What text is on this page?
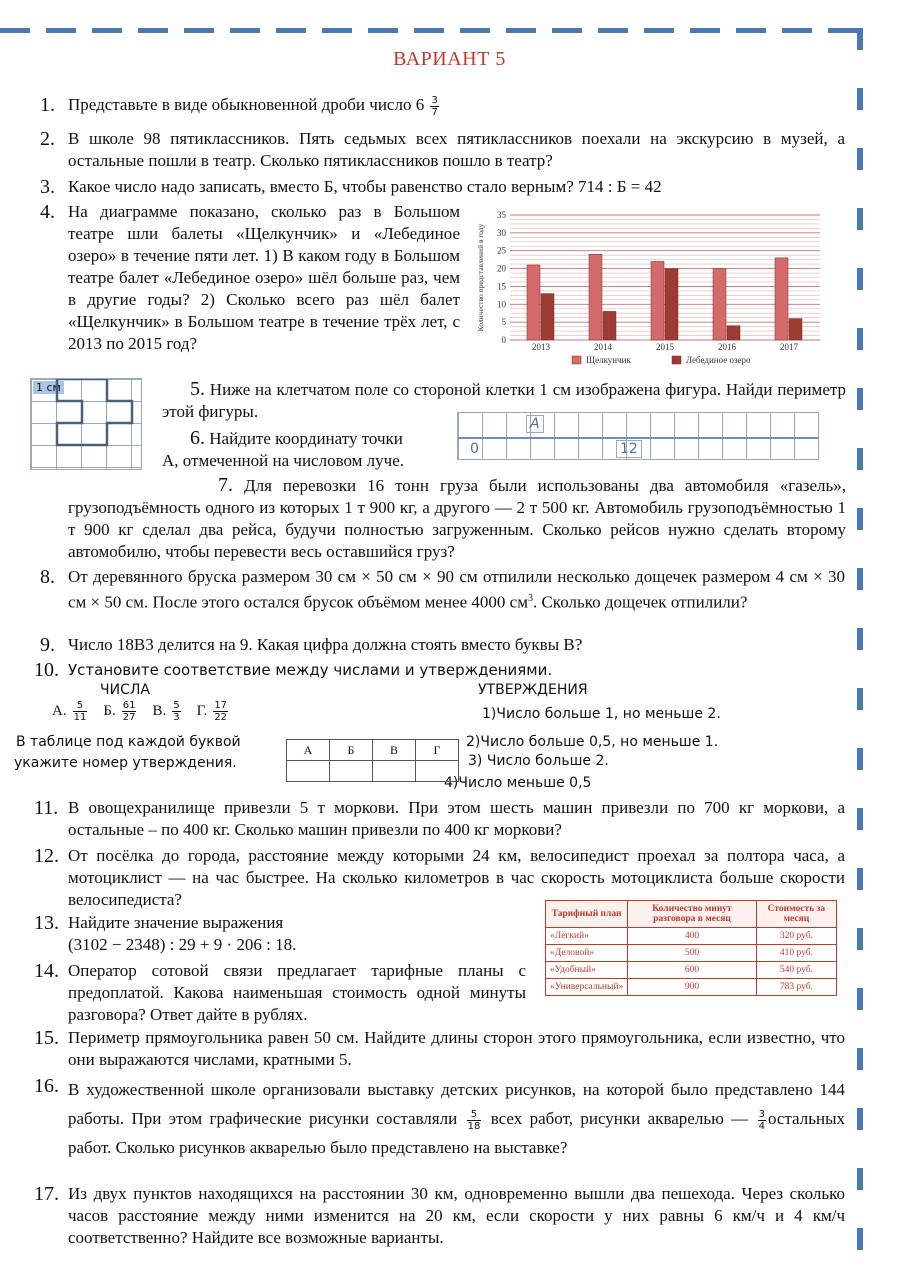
ВАРИАНТ 5
1. Представьте в виде обыкновенной дроби число $6 \frac{3}{7}$
2. В школе 98 пятиклассников. Пять седьмых всех пятиклассников поехали на экскурсию в музей, а остальные пошли в театр. Сколько пятиклассников пошло в театр?
3. Какое число надо записать, вместо Б, чтобы равенство стало верным? 714 : Б = 42
4. На диаграмме показано, сколько раз в Большом театре шли балеты «Щелкунчик» и «Лебединое озеро» в течение пяти лет. 1) В каком году в Большом театре балет «Лебединое озеро» шёл больше раз, чем в другие годы? 2) Сколько всего раз шёл балет «Щелкунчик» в Большом театре в течение трёх лет, с 2013 по 2015 год?	0
5
10
15
20
25
30
35
2013	2014	2015	2016	2017
Количество представлений в году
Щелкунчик	Лебединое озеро
1 см	5. Ниже на клетчатом поле со стороной клетки 1 см изображена фигура. Найди периметр этой фигуры.
6. Найдите координату точки
A, отмеченной на числовом луче.
0
A
12
7. Для перевозки 16 тонн груза были использованы два автомобиля «газель», грузоподъёмность одного из которых 1 т 900 кг, а другого — 2 т 500 кг. Автомобиль грузоподъёмностью 1 т 900 кг сделал два рейса, будучи полностью загруженным. Сколько рейсов нужно сделать второму автомобилю, чтобы перевести весь оставшийся груз?
8. От деревянного бруска размером 30 см × 50 см × 90 см отпилили несколько дощечек размером 4 см × 30 см × 50 см. После этого остался брусок объёмом менее 4000 $см^3$. Сколько дощечек отпилили?
9. Число 18В3 делится на 9. Какая цифра должна стоять вместо буквы В?
10. Установите соответствие между числами и утверждениями.
ЧИСЛА	УТВЕРЖДЕНИЯ
А. $\frac{5}{11} Б$. $\frac{61}{27} В$. $\frac{5}{3} Г$. $\frac{17}{22}$	1)Число больше 1, но меньше 2.
2)Число больше 0,5, но меньше 1.
3) Число больше 2.
4)Число меньше 0,5
В таблице под каждой буквой
укажите номер утверждения.
А	Б	В	Г

11. В овощехранилище привезли 5 т моркови. При этом шесть машин привезли по 700 кг моркови, а остальные – по 400 кг. Сколько машин привезли по 400 кг моркови?
12. От посёлка до города, расстояние между которыми 24 км, велосипедист проехал за полтора часа, а мотоциклист — на час быстрее. На сколько километров в час скорость мотоциклиста больше скорости велосипедиста?
13. Найдите значение выражения
(3102 − 2348) : 29 + 9 · 206 : 18.
14. Оператор сотовой связи предлагает тарифные планы с предоплатой. Какова наименьшая стоимость одной минуты разговора? Ответ дайте в рублях.
Тарифный план	Количество минут разговора в месяц	Стоимость за месяц
«Лёгкий»	400	320 руб.
«Деловой»	500	410 руб.
«Удобный»	600	540 руб.
«Универсальный»	900	783 руб.
15. Периметр прямоугольника равен 50 см. Найдите длины сторон этого прямоугольника, если известно, что они выражаются числами, кратными 5.
16. В художественной школе организовали выставку детских рисунков, на которой было представлено 144 работы. При этом графические рисунки составляли $\frac{5}{18}$ всех работ, рисунки акварелью — $\frac{3}{4}$ остальных работ. Сколько рисунков акварелью было представлено на выставке?
17. Из двух пунктов находящихся на расстоянии 30 км, одновременно вышли два пешехода. Через сколько часов расстояние между ними изменится на 20 км, если скорости у них равны 6 км/ч и 4 км/ч соответственно? Найдите все возможные варианты.
